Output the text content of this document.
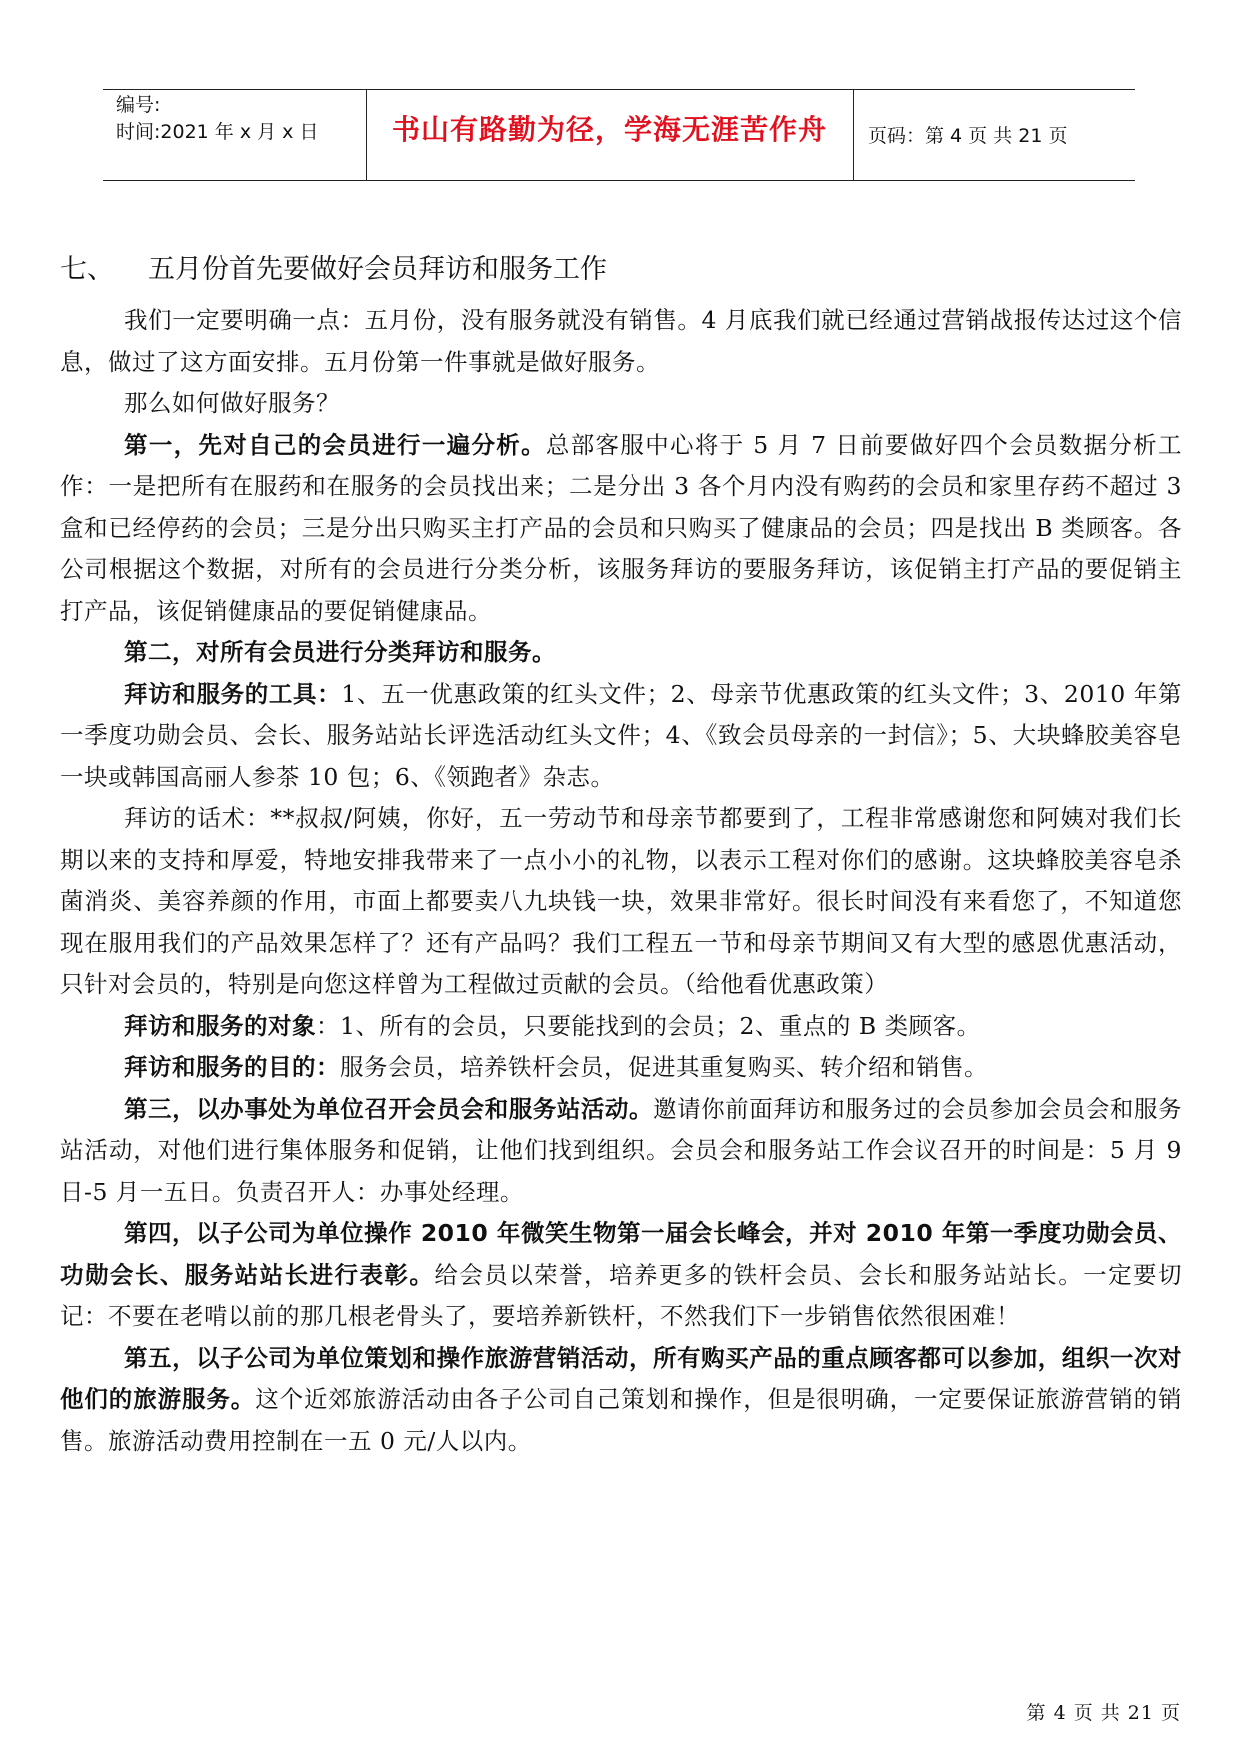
编号:
时间:2021 年 x 月 x 日	书山有路勤为径，学海无涯苦作舟	页码：第 4 页 共 21 页
七、 五月份首先要做好会员拜访和服务工作

我们一定要明确一点：五月份，没有服务就没有销售。4 月底我们就已经通过营销战报传达过这个信息，做过了这方面安排。五月份第一件事就是做好服务。

那么如何做好服务？

第一，先对自己的会员进行一遍分析。总部客服中心将于 5 月 7 日前要做好四个会员数据分析工作：一是把所有在服药和在服务的会员找出来；二是分出 3 各个月内没有购药的会员和家里存药不超过 3 盒和已经停药的会员；三是分出只购买主打产品的会员和只购买了健康品的会员；四是找出 B 类顾客。各公司根据这个数据，对所有的会员进行分类分析，该服务拜访的要服务拜访，该促销主打产品的要促销主打产品，该促销健康品的要促销健康品。

第二，对所有会员进行分类拜访和服务。

拜访和服务的工具：1、五一优惠政策的红头文件；2、母亲节优惠政策的红头文件；3、2010 年第一季度功勋会员、会长、服务站站长评选活动红头文件；4、《致会员母亲的一封信》；5、大块蜂胶美容皂一块或韩国高丽人参茶 10 包；6、《领跑者》杂志。

拜访的话术：**叔叔/阿姨，你好，五一劳动节和母亲节都要到了，工程非常感谢您和阿姨对我们长期以来的支持和厚爱，特地安排我带来了一点小小的礼物，以表示工程对你们的感谢。这块蜂胶美容皂杀菌消炎、美容养颜的作用，市面上都要卖八九块钱一块，效果非常好。很长时间没有来看您了，不知道您现在服用我们的产品效果怎样了？还有产品吗？我们工程五一节和母亲节期间又有大型的感恩优惠活动，只针对会员的，特别是向您这样曾为工程做过贡献的会员。（给他看优惠政策）

拜访和服务的对象：1、所有的会员，只要能找到的会员；2、重点的 B 类顾客。

拜访和服务的目的：服务会员，培养铁杆会员，促进其重复购买、转介绍和销售。

第三，以办事处为单位召开会员会和服务站活动。邀请你前面拜访和服务过的会员参加会员会和服务站活动，对他们进行集体服务和促销，让他们找到组织。会员会和服务站工作会议召开的时间是：5 月 9 日-5 月一五日。负责召开人：办事处经理。

第四，以子公司为单位操作 2010 年微笑生物第一届会长峰会，并对 2010 年第一季度功勋会员、功勋会长、服务站站长进行表彰。给会员以荣誉，培养更多的铁杆会员、会长和服务站站长。一定要切记：不要在老啃以前的那几根老骨头了，要培养新铁杆，不然我们下一步销售依然很困难！

第五，以子公司为单位策划和操作旅游营销活动，所有购买产品的重点顾客都可以参加，组织一次对他们的旅游服务。这个近郊旅游活动由各子公司自己策划和操作，但是很明确，一定要保证旅游营销的销售。旅游活动费用控制在一五 0 元/人以内。

第 4 页 共 21 页
